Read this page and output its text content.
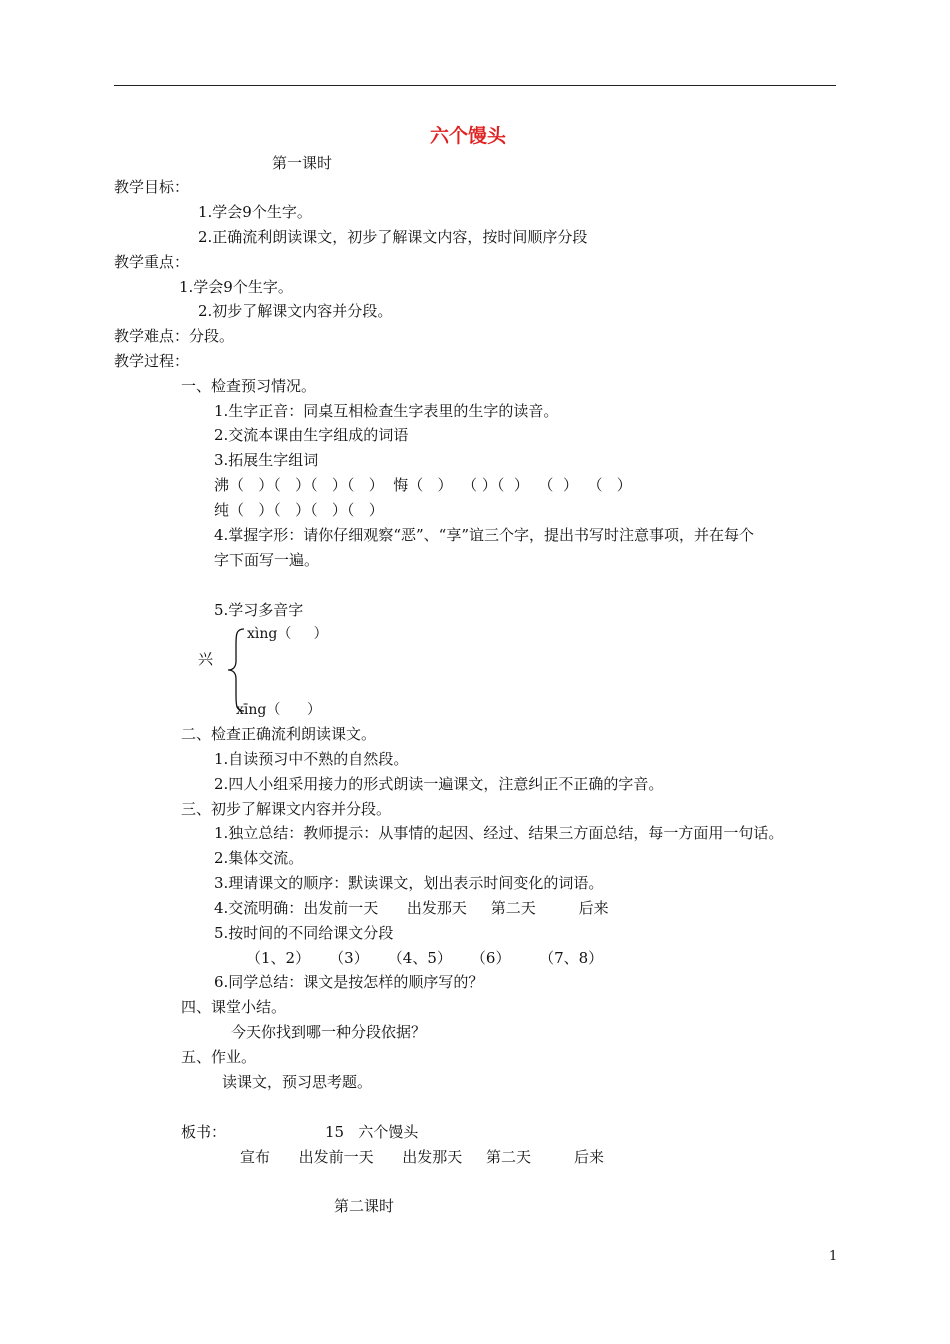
六个馒头
第一课时
教学目标：
1.学会9个生字。
2.正确流利朗读课文，初步了解课文内容，按时间顺序分段
教学重点：
1.学会9个生字。
2.初步了解课文内容并分段。
教学难点：分段。
教学过程：
一、检查预习情况。
1.生字正音：同桌互相检查生字表里的生字的读音。
2.交流本课由生字组成的词语
3.拓展生字组词
沸（   ）（   ）（   ）（   ）  悔（   ）  （ ）（  ）  （  ）  （   ）
纯（   ）（   ）（   ）（   ）
4.掌握字形：请你仔细观察“恶”、“享”谊三个字，提出书写时注意事项，并在每个
字下面写一遍。
5.学习多音字
xìng（     ）
兴
xīng（      ）
二、检查正确流利朗读课文。
1.自读预习中不熟的自然段。
2.四人小组采用接力的形式朗读一遍课文，注意纠正不正确的字音。
三、初步了解课文内容并分段。
1.独立总结：教师提示：从事情的起因、经过、结果三方面总结，每一方面用一句话。
2.集体交流。
3.理请课文的顺序：默读课文，划出表示时间变化的词语。
4.交流明确：出发前一天      出发那天     第二天         后来
5.按时间的不同给课文分段
（1、2）    （3）    （4、5）    （6）      （7、8）
6.同学总结：课文是按怎样的顺序写的？
四、课堂小结。
今天你找到哪一种分段依据？
五、作业。
读课文，预习思考题。
板书：	15   六个馒头
宣布      出发前一天      出发那天     第二天         后来
第二课时
1
